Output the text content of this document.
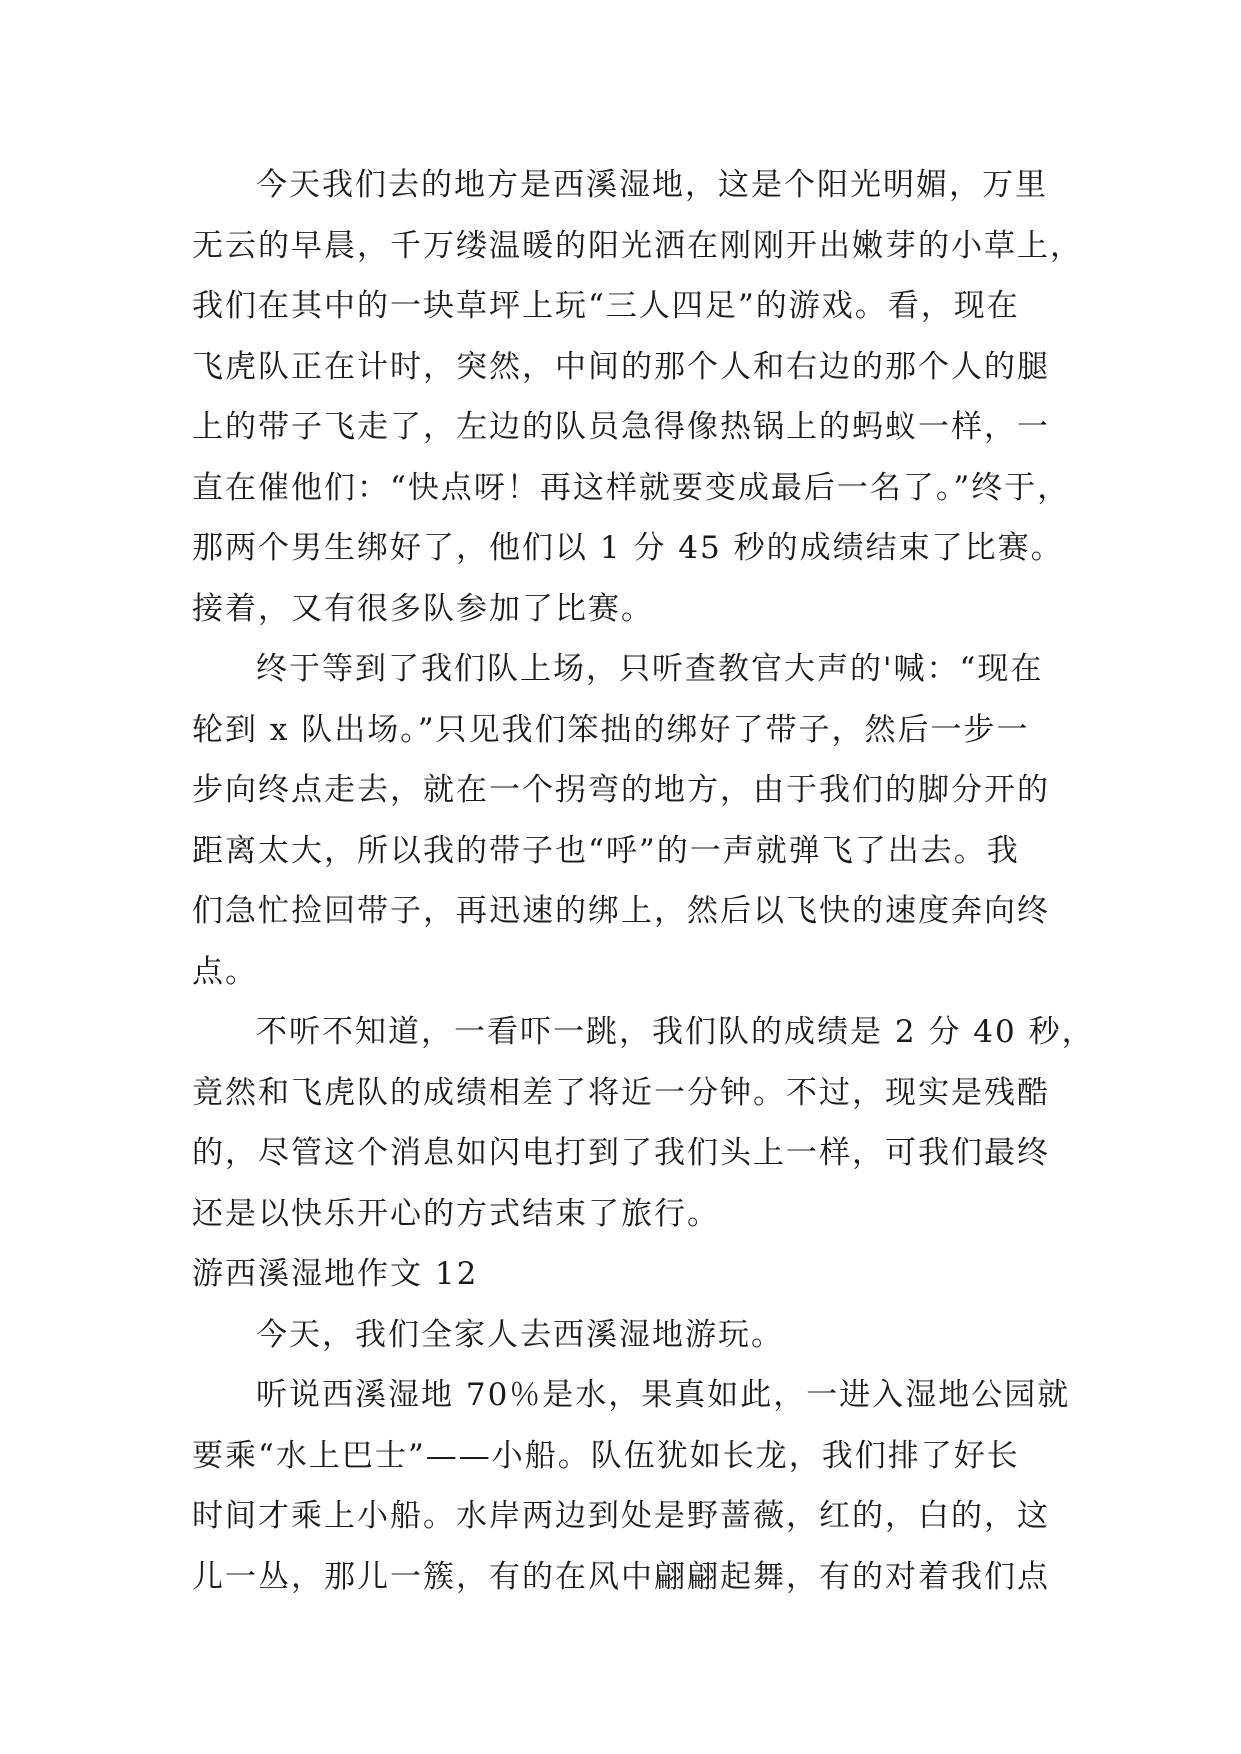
今天我们去的地方是西溪湿地，这是个阳光明媚，万里
无云的早晨，千万缕温暖的阳光洒在刚刚开出嫩芽的小草上，
我们在其中的一块草坪上玩“三人四足”的游戏。看，现在
飞虎队正在计时，突然，中间的那个人和右边的那个人的腿
上的带子飞走了，左边的队员急得像热锅上的蚂蚁一样，一
直在催他们：“快点呀！再这样就要变成最后一名了。”终于，
那两个男生绑好了，他们以 1 分 45 秒的成绩结束了比赛。
接着，又有很多队参加了比赛。
终于等到了我们队上场，只听查教官大声的'喊：“现在
轮到 x 队出场。”只见我们笨拙的绑好了带子，然后一步一
步向终点走去，就在一个拐弯的地方，由于我们的脚分开的
距离太大，所以我的带子也“呼”的一声就弹飞了出去。我
们急忙捡回带子，再迅速的绑上，然后以飞快的速度奔向终
点。
不听不知道，一看吓一跳，我们队的成绩是 2 分 40 秒，
竟然和飞虎队的成绩相差了将近一分钟。不过，现实是残酷
的，尽管这个消息如闪电打到了我们头上一样，可我们最终
还是以快乐开心的方式结束了旅行。
游西溪湿地作文 12
今天，我们全家人去西溪湿地游玩。
听说西溪湿地 70％是水，果真如此，一进入湿地公园就
要乘“水上巴士”——小船。队伍犹如长龙，我们排了好长
时间才乘上小船。水岸两边到处是野蔷薇，红的，白的，这
儿一丛，那儿一簇，有的在风中翩翩起舞，有的对着我们点
